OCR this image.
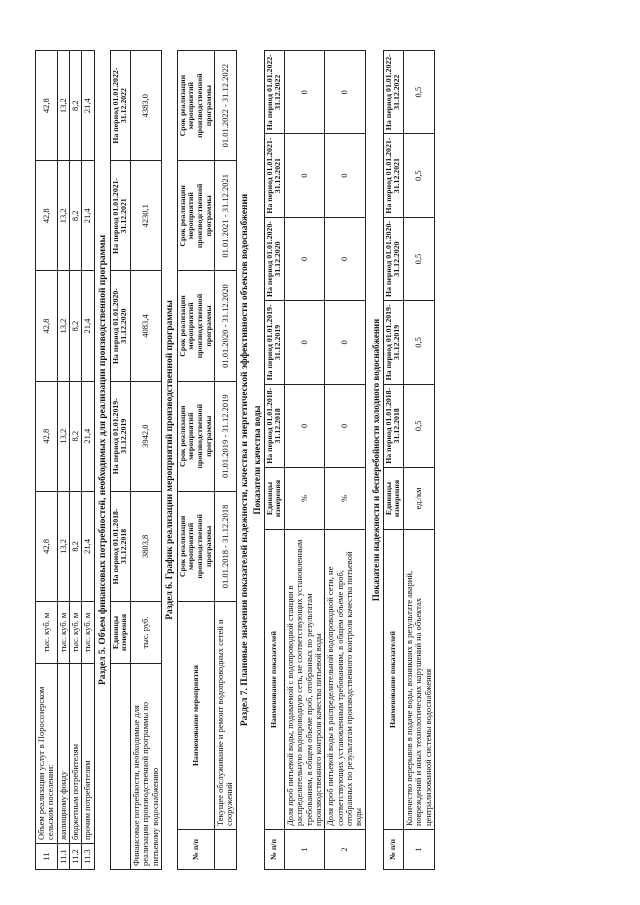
11	Объем реализации услуг в Поросозерском сельском поселении:	тыс. куб. м	42,8	42,8	42,8	42,8	42,8
11.1	жилищному фонду	тыс. куб. м	13,2	13,2	13,2	13,2	13,2
11.2	бюджетным потребителям	тыс. куб. м	8,2	8,2	8,2	8,2	8,2
11.3	прочим потребителям	тыс. куб. м	21,4	21,4	21,4	21,4	21,4
Раздел 5. Объем финансовых потребностей, необходимых для реализации производственной программы
	Единицы измерения	На период 01.01.2018-31.12.2018	На период 01.01.2019-31.12.2019	На период 01.01.2020-31.12.2020	На период 01.01.2021-31.12.2021	На период 01.01.2022-31.12.2022
Финансовые потребности, необходимые для реализации производственной программы по питьевому водоснабжению	тыс. руб.	3803,8	3942,0	4083,4	4230,1	4383,0
Раздел 6. График реализации мероприятий производственной программы
№ п/п	Наименование мероприятия	Срок реализации мероприятий производственной программы	Срок реализации мероприятий производственной программы	Срок реализации мероприятий производственной программы	Срок реализации мероприятий производственной программы	Срок реализации мероприятий производственной программы
	Текущее обслуживание и ремонт водопроводных сетей и сооружений	01.01.2018 - 31.12.2018	01.01.2019 - 31.12.2019	01.01.2020 - 31.12.2020	01.01.2021 - 31.12.2021	01.01.2022 - 31.12.2022
Раздел 7. Плановые значения показателей надежности, качества и энергетической эффективности объектов водоснабжения Показатели качества воды
№ п/п	Наименование показателей	Единицы измерения	На период 01.01.2018-31.12.2018	На период 01.01.2019-31.12.2019	На период 01.01.2020-31.12.2020	На период 01.01.2021-31.12.2021	На период 01.01.2022-31.12.2022
1	Доля проб питьевой воды, подаваемой с водопроводной станции в распределительную водопроводную сеть, не соответствующих установленным требованиям, в общем объеме проб, отобранных по результатам производственного контроля качества питьевой воды	%	0	0	0	0	0
2	Доля проб питьевой воды в распределительной водопроводной сети, не соответствующих установленным требованиям, в общем объеме проб, отобранных по результатам производственного контроля качества питьевой воды	%	0	0	0	0	0
Показатели надежности и бесперебойности холодного водоснабжения
№ п/п	Наименование показателей	Единицы измерения	На период 01.01.2018-31.12.2018	На период 01.01.2019-31.12.2019	На период 01.01.2020-31.12.2020	На период 01.01.2021-31.12.2021	На период 01.01.2022-31.12.2022
1	Количество перерывов в подаче воды, возникших в результате аварий, повреждений и иных технологических нарушений на объектах централизованной системы водоснабжения	ед./км	0,5	0,5	0,5	0,5	0,5
